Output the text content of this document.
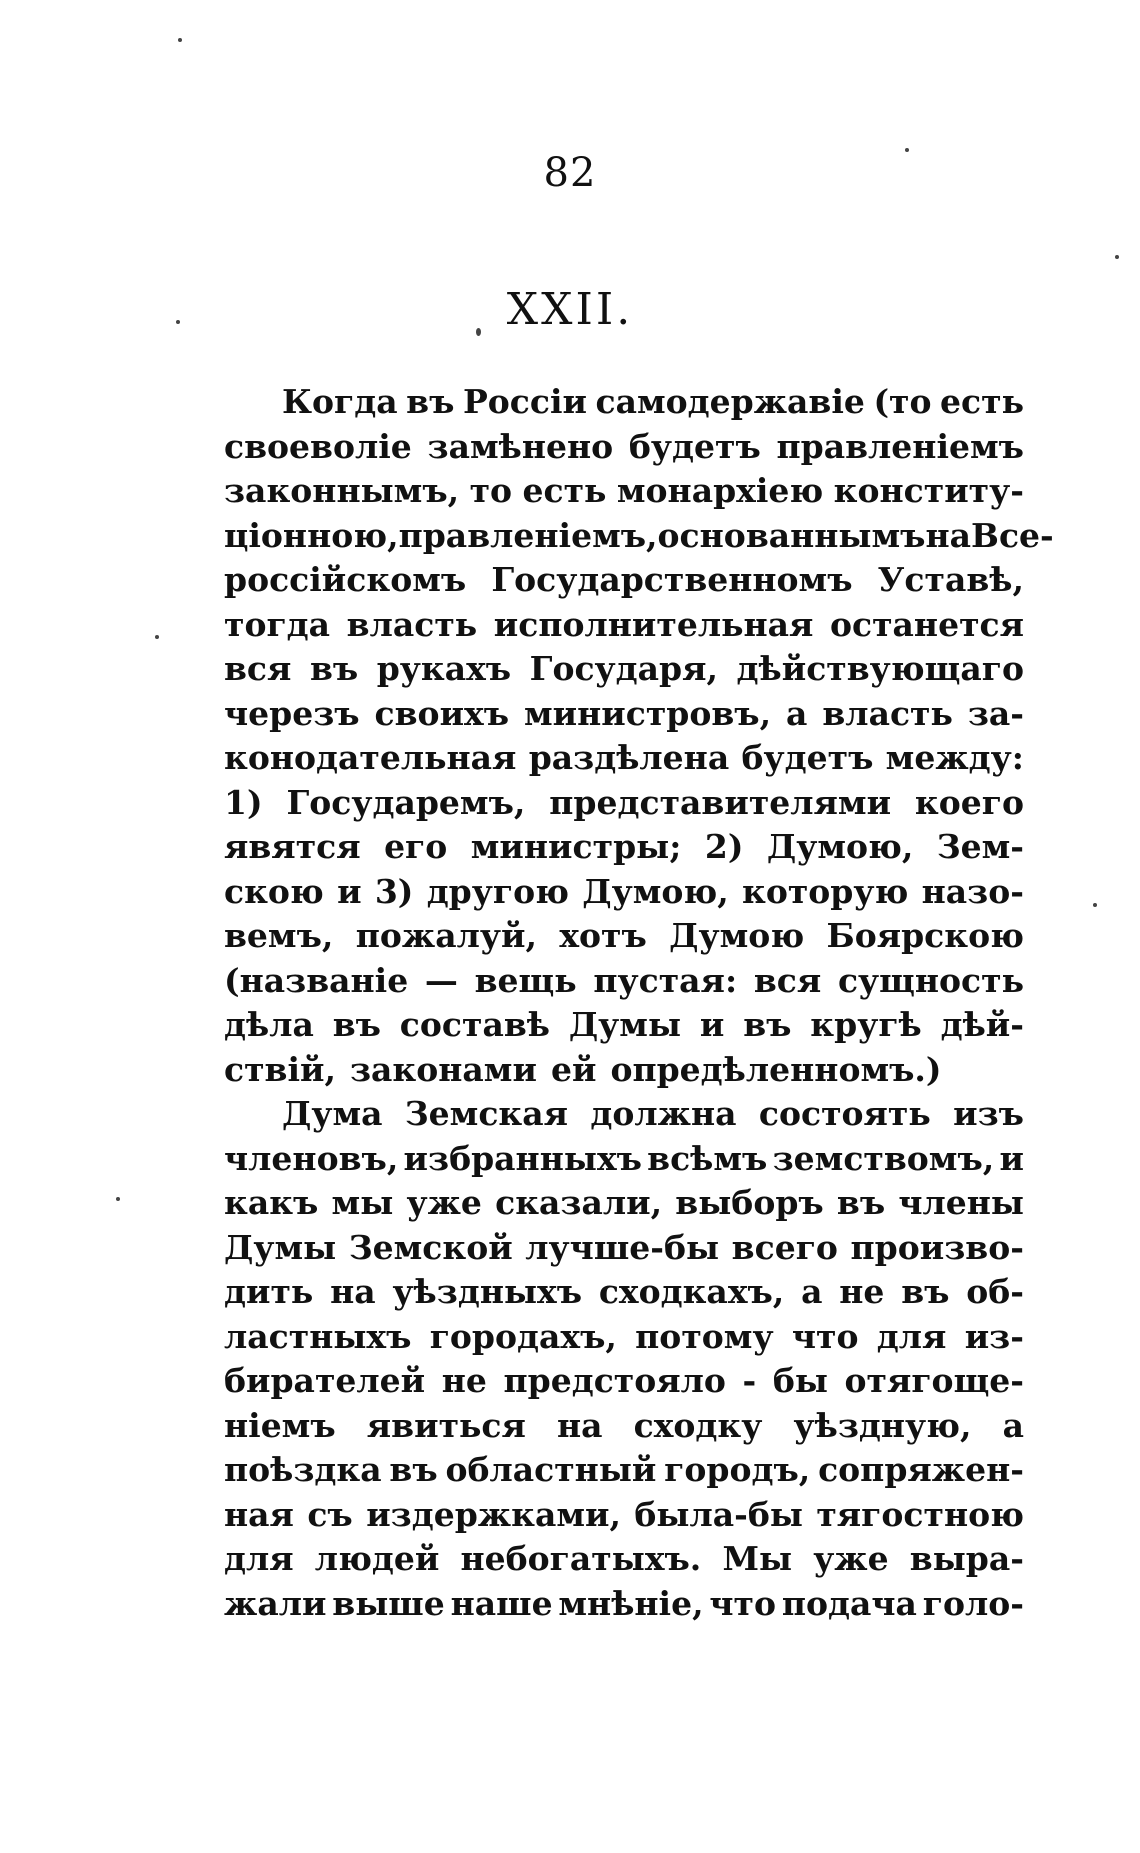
82
XXII.
Когда въ Россіи самодержавіе (то есть
своеволіе замѣнено будетъ правленіемъ
законнымъ, то есть монархіею конститу-
ціонною, правленіемъ, основаннымъ на Все-
россійскомъ Государственномъ Уставѣ,
тогда власть исполнительная останется
вся въ рукахъ Государя, дѣйствующаго
черезъ своихъ министровъ, а власть за-
конодательная раздѣлена будетъ между:
1) Государемъ, представителями коего
явятся его министры; 2) Думою, Зем-
скою и 3) другою Думою, которую назо-
вемъ, пожалуй, хотъ Думою Боярскою
(названіе — вещь пустая: вся сущность
дѣла въ составѣ Думы и въ кругѣ дѣй-
ствій, законами ей опредѣленномъ.)
Дума Земская должна состоять изъ
членовъ, избранныхъ всѣмъ земствомъ, и
какъ мы уже сказали, выборъ въ члены
Думы Земской лучше-бы всего произво-
дить на уѣздныхъ сходкахъ, а не въ об-
ластныхъ городахъ, потому что для из-
бирателей не предстояло - бы отягоще-
ніемъ явиться на сходку уѣздную, а
поѣздка въ областный городъ, сопряжен-
ная съ издержками, была-бы тягостною
для людей небогатыхъ. Мы уже выра-
жали выше наше мнѣніе, что подача голо-
